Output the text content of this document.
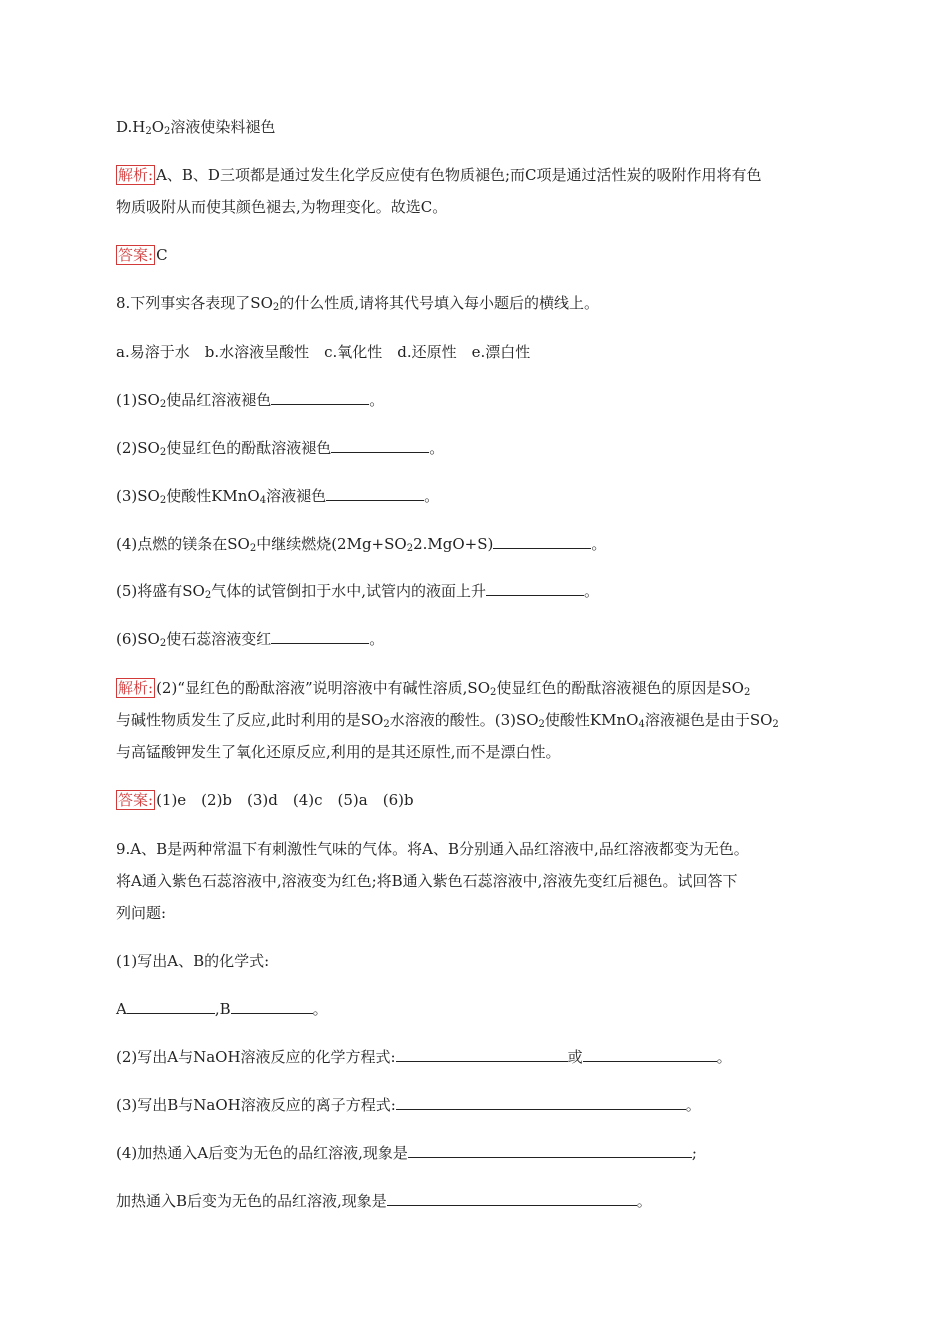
$D.H_2O_2$溶液使染料褪色
解析: A、B、D三项都是通过发生化学反应使有色物质褪色;而C项是通过活性炭的吸附作用将有色
物质吸附从而使其颜色褪去,为物理变化。故选C。
答案: C
8.下列事实各表现了$SO_2$的什么性质,请将其代号填入每小题后的横线上。
a.易溶于水　b.水溶液呈酸性　c.氧化性　d.还原性　e.漂白性
$(1)SO_2$使品红溶液褪色	。
$(2)SO_2$使显红色的酚酞溶液褪色	。
$(3)SO_2$使酸性KMnO$_4$溶液褪色	。
(4)点燃的镁条在$SO_2$中继续燃烧$(2Mg+SO_22.MgO+S)$	。
(5)将盛有$SO_2$气体的试管倒扣于水中,试管内的液面上升	。
$(6)SO_2$使石蕊溶液变红	。
解析: (2)“显红色的酚酞溶液”说明溶液中有碱性溶质$,SO_2$使显红色的酚酞溶液褪色的原因是$SO_2$
与碱性物质发生了反应,此时利用的是$SO_2$水溶液的酸性。$(3)SO_2$使酸性KMnO$_4$溶液褪色是由于$SO_2$
与高锰酸钾发生了氧化还原反应,利用的是其还原性,而不是漂白性。
答案: (1)e　(2)b　(3)d　(4)c　(5)a　(6)b
9.A、B是两种常温下有刺激性气味的气体。将A、B分别通入品红溶液中,品红溶液都变为无色。
将A通入紫色石蕊溶液中,溶液变为红色;将B通入紫色石蕊溶液中,溶液先变红后褪色。试回答下
列问题:
(1)写出A、B的化学式:
A	,B	。
(2)写出A与NaOH溶液反应的化学方程式:	或	。
(3)写出B与NaOH溶液反应的离子方程式:	。
(4)加热通入A后变为无色的品红溶液,现象是	;
加热通入B后变为无色的品红溶液,现象是	。
